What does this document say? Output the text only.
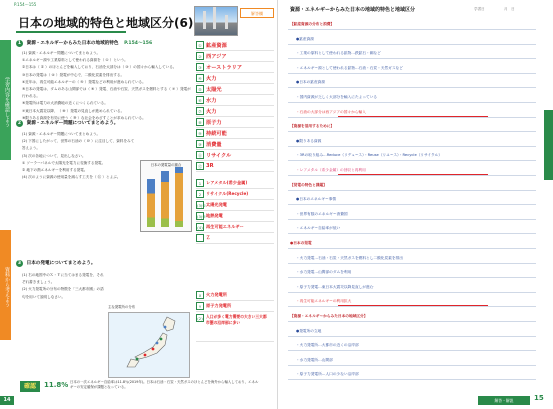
学習内容を確認しよう
資料から考えよう
P.154〜155
日本の地域的特色と地域区分(6)
解答欄
1 資源・エネルギーからみた日本の地域的特色 P.154〜156
(1) 資源・エネルギー問題についてまとめよう。
①エネルギー源や工業原料として使われる資源を（ ① ）という。
②日本は（ ② ）のほとんどを輸入しており、石油を大部分は（ ③ ）の国々から輸入している。
③日本の発電は（ ④ ）発電が中心で、二酸化炭素を排出する。
④近年は、再生可能エネルギーの（ ⑤ ）発電などの利用が進められている。
⑤日本の発電は、ダムのある山間部では（ ⑥ ）発電、石油や石炭、天然ガスを燃料とする（ ⑦ ）発電が行われる。
⑥発電所は電力の大消費地の近くにつくられている。
⑦東日本大震災以降、（ ⑧ ）発電の見直しが進められている。
⑧限りある資源を有効に使う（ ⑨ ）な社会をめざすことが求められている。
2 資源・エネルギー問題についてまとめよう。
(1) 資源・エネルギー問題についてまとめよう。
(2) 下図にしたがって、世界の石油の（ ⑩ ）に注目して、資料をみて答えよう。
(3) 次の各地について、見出しなさい。
① ソーラーパネルで太陽光を電力に変換する発電。
② 地下の熱エネルギーを利用する発電。
(4) 次のように資源の使用量を減らす工夫を（ ⑪ ）とよぶ。
日本の発電量の割合
3 日本の発電についてまとめよう。
(1) 右の地図中のＸ・Ｙに当てはまる発電を、それぞれ書きましょう。
(2) 火力発電所の分布の特徴を「三大都市圏」の語句を用いて説明しなさい。
主な発電所の分布
① 鉱産資源
② 西アジア
③ オーストラリア
④ 火力
⑤ 太陽光
⑥ 水力
⑦ 火力
⑧ 原子力
⑨ 持続可能
⑩ 消費量
⑪ リサイクル
⑫ 3R
1	レアメタル(希少金属)
2	リサイクル(Recycle)
(3)① 太陽光発電
(3)② 地熱発電
(4) 再生可能エネルギー
Ｚ
X	火力発電所
Y	原子力発電所
(2) 人口が多く電力需要の大きい三大都市圏の沿岸部に多い
14
確認	11.8% 日本の一次エネルギー自給率は11.8％(2019年)。日本は石油・石炭・天然ガスのほとんどを海外から輸入しており、エネルギーの安定確保が課題となっている。
資源・エネルギーからみた日本の地域的特色と地域区分	学習日	月　日
【鉱産資源の分布と消費】
●鉱産資源
・工業の原料として使われる鉱物…鉄鉱石・銅など
・エネルギー源として使われる鉱物…石油・石炭・天然ガスなど
●日本の鉱産資源
・国内資源が乏しく大部分を輸入にたよっている
・石油の大部分は西アジアの国々から輸入
【資源を活用するために】
●限りある資源
・3Rの取り組み…Reduce（リデュース）・Reuse（リユース）・Recycle（リサイクル）
・レアメタル（希少金属）の回収と再利用
【発電の特色と課題】
●日本のエネルギー事情
・世界有数のエネルギー消費国
・エネルギー自給率が低い
●日本の発電
・火力発電…石油・石炭・天然ガスを燃料とし二酸化炭素を排出
・水力発電…山間部のダムを利用
・原子力発電…東日本大震災以降見直しが進む
・再生可能エネルギーの利用拡大
【資源・エネルギーからみた日本の地域区分】
●発電所の立地
・火力発電所…大都市の近くの沿岸部
・水力発電所…山間部
・原子力発電所…人口の少ない沿岸部
解答・解説	15
